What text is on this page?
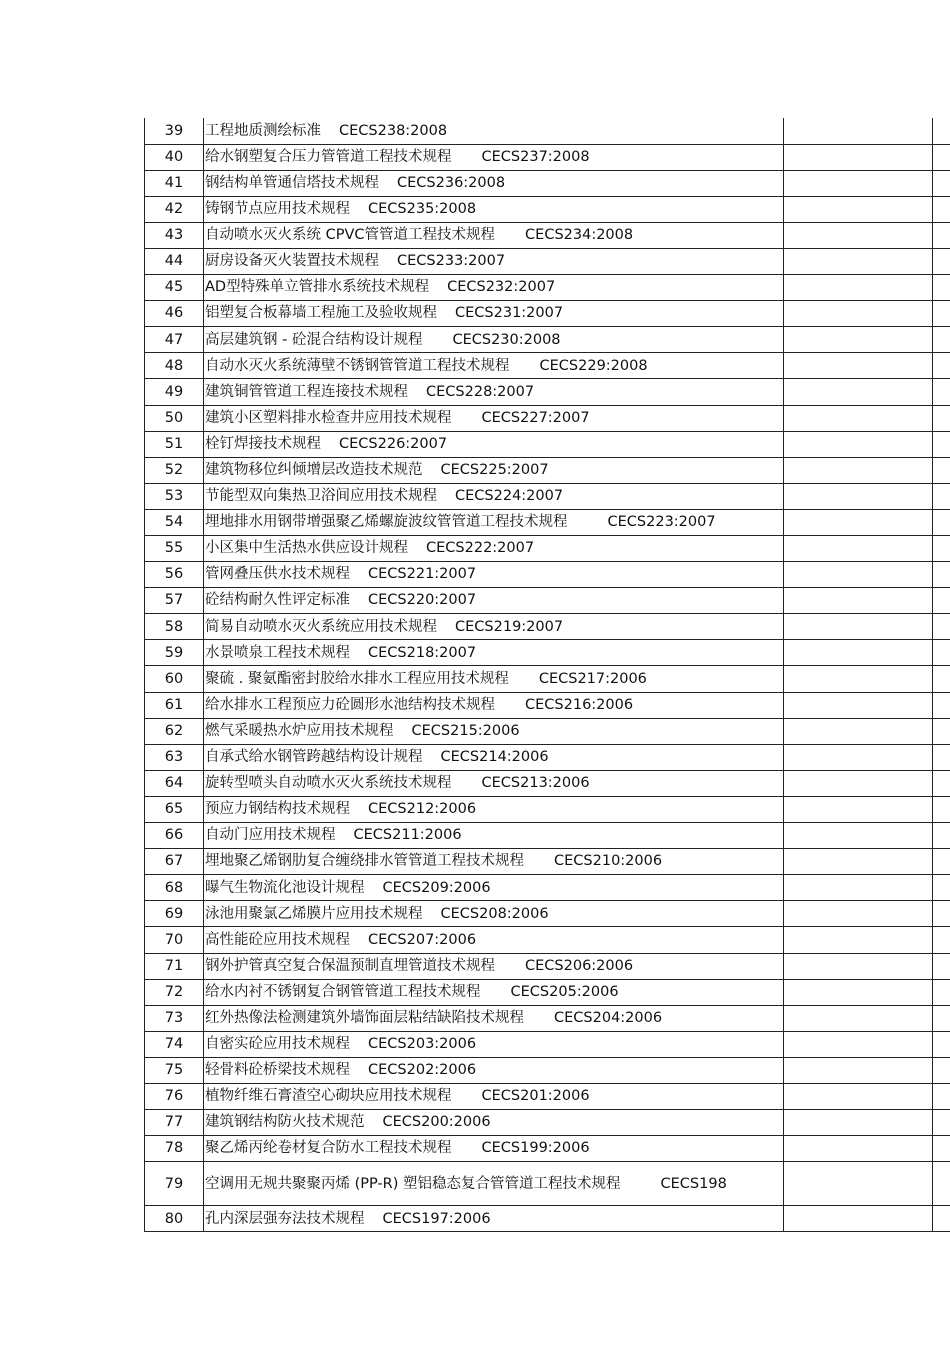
39	工程地质测绘标准 CECS238:2008		
40	给水钢塑复合压力管管道工程技术规程 CECS237:2008		
41	钢结构单管通信塔技术规程 CECS236:2008		
42	铸钢节点应用技术规程 CECS235:2008		
43	自动喷水灭火系统 CPVC管管道工程技术规程 CECS234:2008		
44	厨房设备灭火装置技术规程 CECS233:2007		
45	AD型特殊单立管排水系统技术规程 CECS232:2007		
46	铝塑复合板幕墙工程施工及验收规程 CECS231:2007		
47	高层建筑钢 - 砼混合结构设计规程 CECS230:2008		
48	自动水灭火系统薄壁不锈钢管管道工程技术规程 CECS229:2008		
49	建筑铜管管道工程连接技术规程 CECS228:2007		
50	建筑小区塑料排水检查井应用技术规程 CECS227:2007		
51	栓钉焊接技术规程 CECS226:2007		
52	建筑物移位纠倾增层改造技术规范 CECS225:2007		
53	节能型双向集热卫浴间应用技术规程 CECS224:2007		
54	埋地排水用钢带增强聚乙烯螺旋波纹管管道工程技术规程 CECS223:2007		
55	小区集中生活热水供应设计规程 CECS222:2007		
56	管网叠压供水技术规程 CECS221:2007		
57	砼结构耐久性评定标准 CECS220:2007		
58	简易自动喷水灭火系统应用技术规程 CECS219:2007		
59	水景喷泉工程技术规程 CECS218:2007		
60	聚硫 . 聚氨酯密封胶给水排水工程应用技术规程 CECS217:2006		
61	给水排水工程预应力砼圆形水池结构技术规程 CECS216:2006		
62	燃气采暖热水炉应用技术规程 CECS215:2006		
63	自承式给水钢管跨越结构设计规程 CECS214:2006		
64	旋转型喷头自动喷水灭火系统技术规程 CECS213:2006		
65	预应力钢结构技术规程 CECS212:2006		
66	自动门应用技术规程 CECS211:2006		
67	埋地聚乙烯钢肋复合缠绕排水管管道工程技术规程 CECS210:2006		
68	曝气生物流化池设计规程 CECS209:2006		
69	泳池用聚氯乙烯膜片应用技术规程 CECS208:2006		
70	高性能砼应用技术规程 CECS207:2006		
71	钢外护管真空复合保温预制直埋管道技术规程 CECS206:2006		
72	给水内衬不锈钢复合钢管管道工程技术规程 CECS205:2006		
73	红外热像法检测建筑外墙饰面层粘结缺陷技术规程 CECS204:2006		
74	自密实砼应用技术规程 CECS203:2006		
75	轻骨料砼桥梁技术规程 CECS202:2006		
76	植物纤维石膏渣空心砌块应用技术规程 CECS201:2006		
77	建筑钢结构防火技术规范 CECS200:2006		
78	聚乙烯丙纶卷材复合防水工程技术规程 CECS199:2006		
79	空调用无规共聚聚丙烯 (PP-R) 塑铝稳态复合管管道工程技术规程 CECS198		
80	孔内深层强夯法技术规程 CECS197:2006		
